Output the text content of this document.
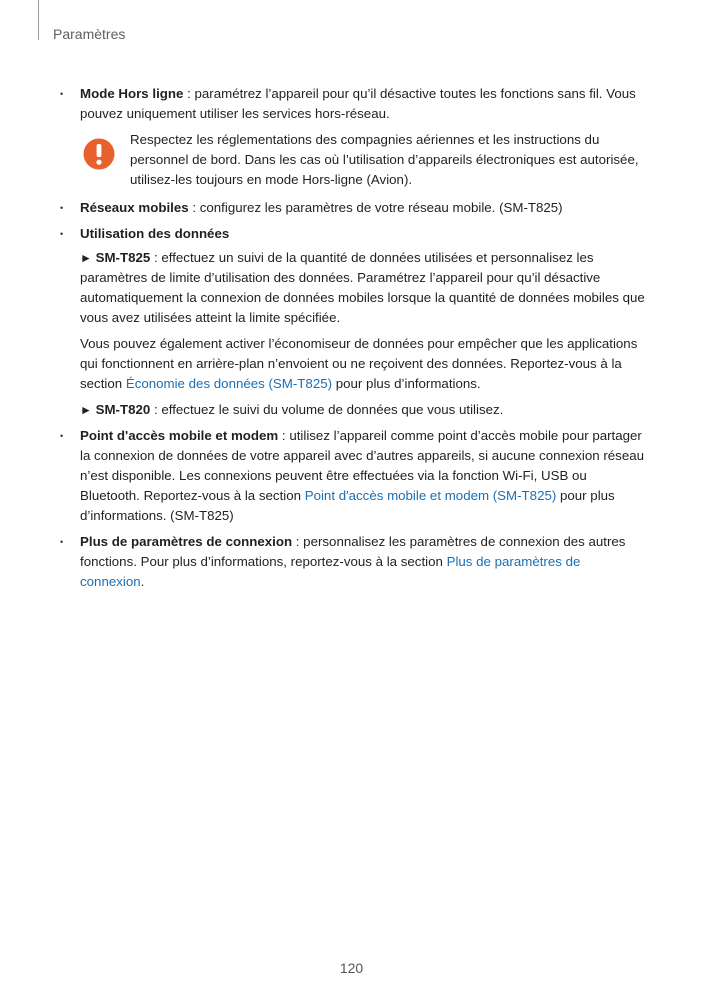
Paramètres
• Mode Hors ligne : paramétrez l’appareil pour qu’il désactive toutes les fonctions sans fil. Vous pouvez uniquement utiliser les services hors-réseau.
Respectez les réglementations des compagnies aériennes et les instructions du personnel de bord. Dans les cas où l’utilisation d’appareils électroniques est autorisée, utilisez-les toujours en mode Hors-ligne (Avion).
• Réseaux mobiles : configurez les paramètres de votre réseau mobile. (SM-T825)

• Utilisation des données

► SM-T825 : effectuez un suivi de la quantité de données utilisées et personnalisez les paramètres de limite d’utilisation des données. Paramétrez l’appareil pour qu’il désactive automatiquement la connexion de données mobiles lorsque la quantité de données mobiles que vous avez utilisées atteint la limite spécifiée.

Vous pouvez également activer l’économiseur de données pour empêcher que les applications qui fonctionnent en arrière-plan n’envoient ou ne reçoivent des données. Reportez-vous à la section Économie des données (SM-T825) pour plus d’informations.

► SM-T820 : effectuez le suivi du volume de données que vous utilisez.

• Point d'accès mobile et modem : utilisez l’appareil comme point d’accès mobile pour partager la connexion de données de votre appareil avec d’autres appareils, si aucune connexion réseau n’est disponible. Les connexions peuvent être effectuées via la fonction Wi-Fi, USB ou Bluetooth. Reportez-vous à la section Point d'accès mobile et modem (SM-T825) pour plus d’informations. (SM-T825)
• Plus de paramètres de connexion : personnalisez les paramètres de connexion des autres fonctions. Pour plus d’informations, reportez-vous à la section Plus de paramètres de connexion.
120
